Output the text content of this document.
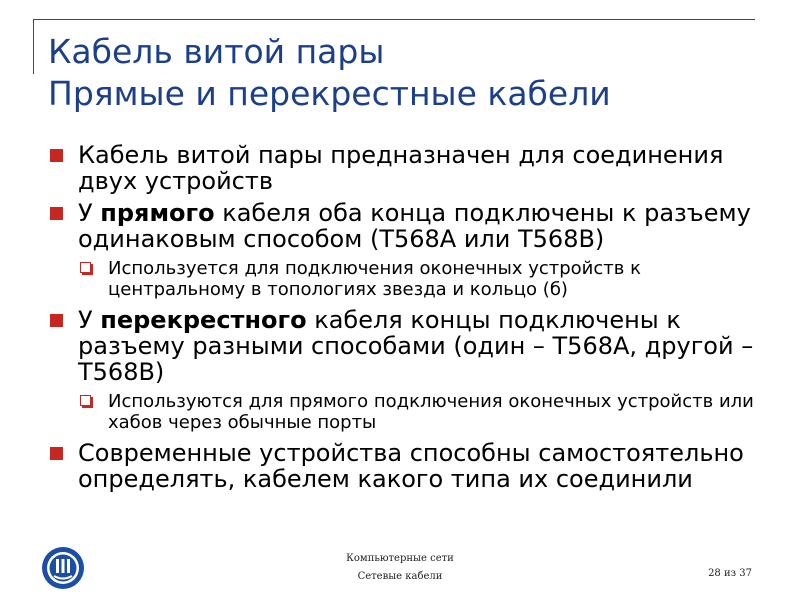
Кабель витой пары
Прямые и перекрестные кабели
Кабель витой пары предназначен для соединения двух устройств
У прямого кабеля оба конца подключены к разъему одинаковым способом (T568A или T568B)
Используется для подключения оконечных устройств к центральному в топологиях звезда и кольцо (б)
У перекрестного кабеля концы подключены к разъему разными способами (один – T568A, другой – T568B)
Используются для прямого подключения оконечных устройств или хабов через обычные порты
Современные устройства способны самостоятельно определять, кабелем какого типа их соединили
Компьютерные сети
Сетевые кабели	28 из 37
